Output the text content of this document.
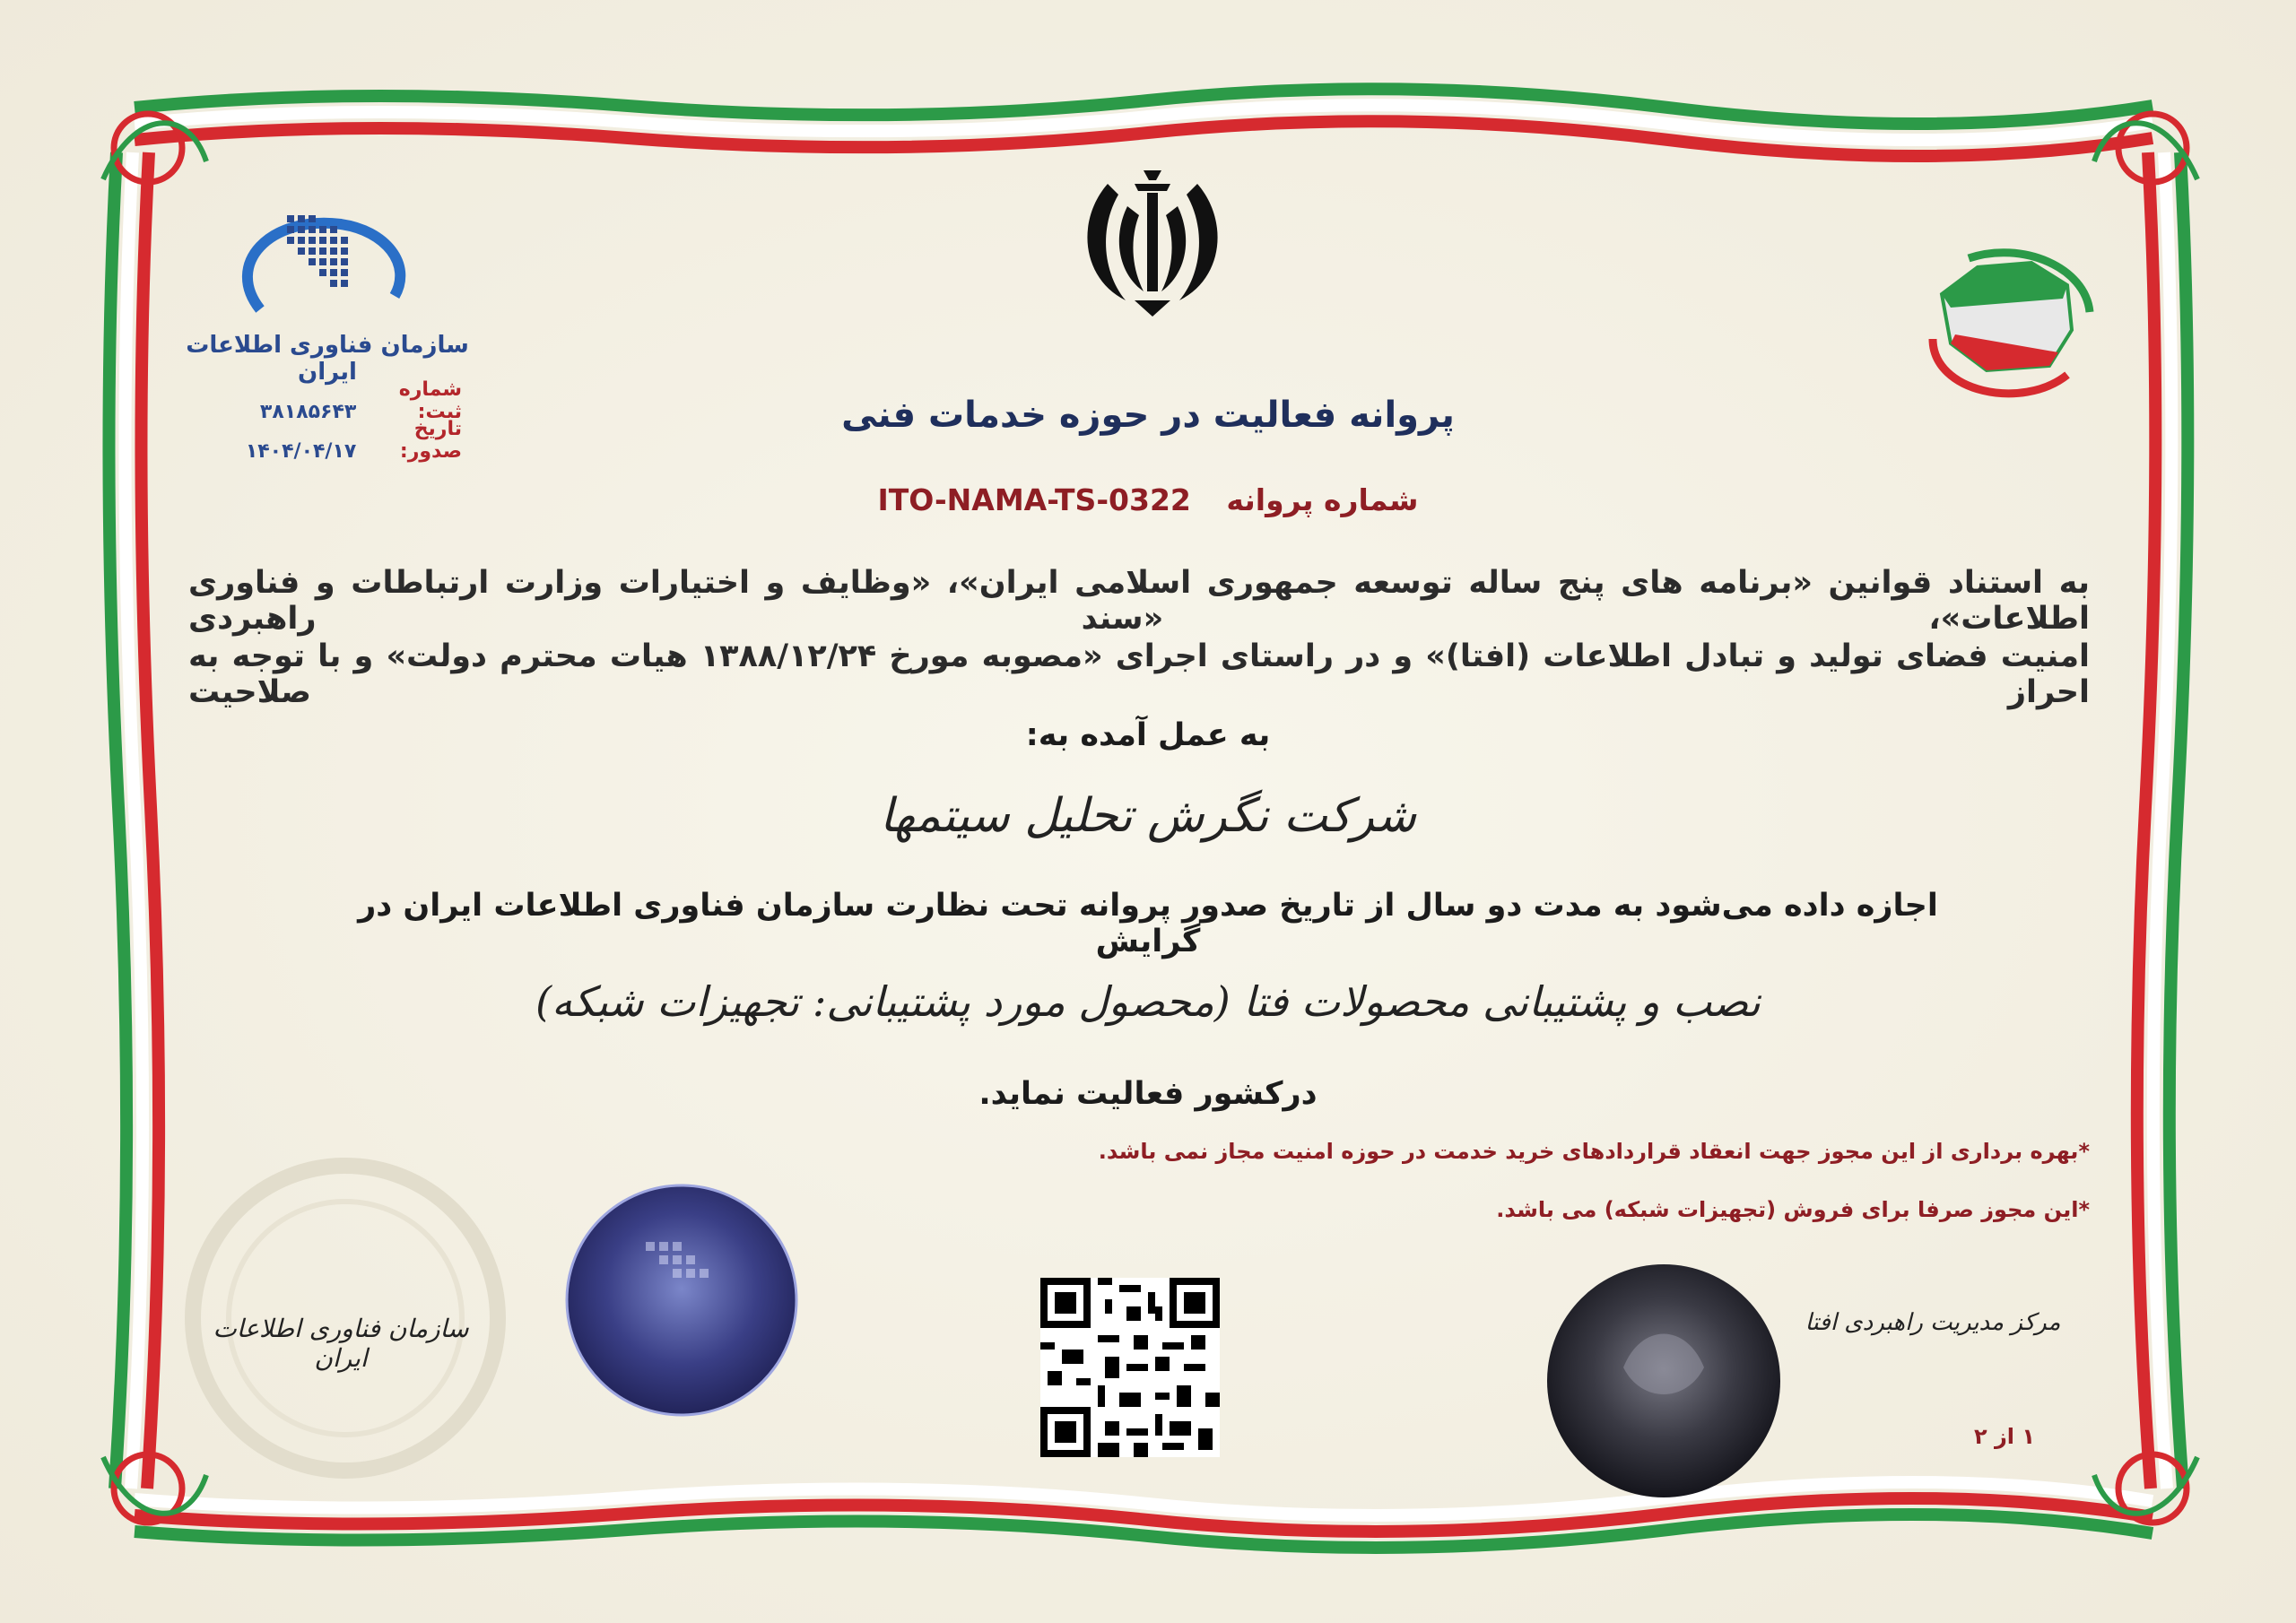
سازمان فناوری اطلاعات ایران
شماره ثبت: ۳۸۱۸۵۶۴۳
تاریخ صدور: ۱۴۰۴/۰۴/۱۷
پروانه فعالیت در حوزه خدمات فنی
شماره پروانه ITO-NAMA-TS-0322
به استناد قوانین «برنامه های پنج ساله توسعه جمهوری اسلامی ایران»، «وظایف و اختیارات وزارت ارتباطات و فناوری اطلاعات»، «سند راهبردی
امنیت فضای تولید و تبادل اطلاعات (افتا)» و در راستای اجرای «مصوبه مورخ ۱۳۸۸/۱۲/۲۴ هیات محترم دولت» و با توجه به احراز صلاحیت
به عمل آمده به:
شرکت نگرش تحلیل سیتمها
اجازه داده می‌شود به مدت دو سال از تاریخ صدور پروانه تحت نظارت سازمان فناوری اطلاعات ایران در گرایش
نصب و پشتیبانی محصولات فتا (محصول مورد پشتیبانی: تجهیزات شبکه)
درکشور فعالیت نماید.
*بهره برداری از این مجوز جهت انعقاد قراردادهای خرید خدمت در حوزه امنیت مجاز نمی باشد.
*این مجوز صرفا برای فروش (تجهیزات شبکه) می باشد.
سازمان فناوری اطلاعات ایران
مرکز مدیریت راهبردی افتا
۱ از ۲
